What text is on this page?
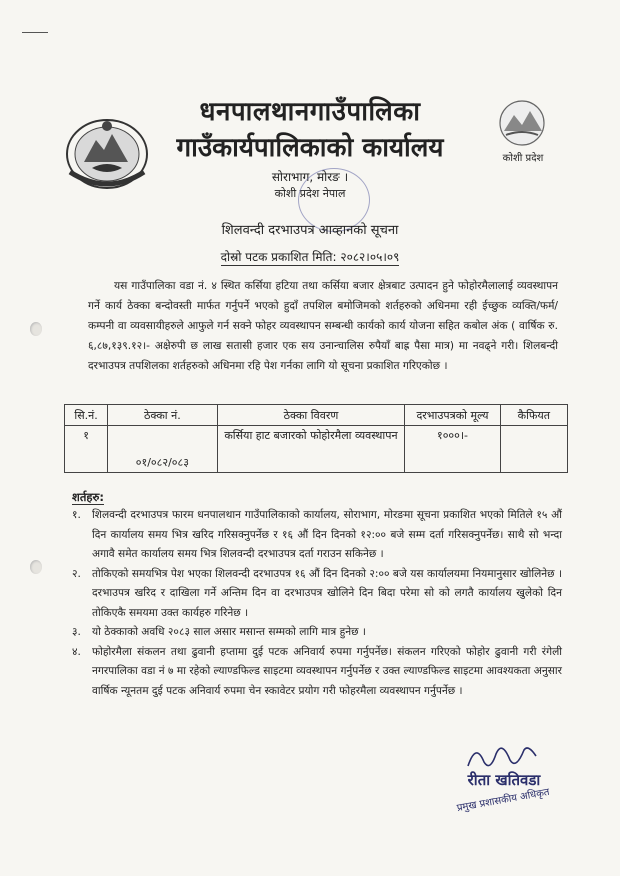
कोशी प्रदेश
धनपालथानगाउँपालिका
गाउँकार्यपालिकाको कार्यालय
सोराभाग, मोरङ ।
कोशी प्रदेश नेपाल
शिलवन्दी दरभाउपत्र आव्हानको सूचना
दोस्रो पटक प्रकाशित मिति: २०८२।०५।०९
यस गाउँपालिका वडा नं. ४ स्थित कर्सिया हटिया तथा कर्सिया बजार क्षेत्रबाट उत्पादन हुने फोहोरमैलालाई व्यवस्थापन गर्ने कार्य ठेक्का बन्दोवस्ती मार्फत गर्नुपर्ने भएको हुदाँ तपशिल बमोजिमको शर्तहरुको अधिनमा रही ईच्छुक व्यक्ति/फर्म/कम्पनी वा व्यवसायीहरुले आफुले गर्न सक्ने फोहर व्यवस्थापन सम्बन्धी कार्यको कार्य योजना सहित कबोल अंक ( वार्षिक रु. ६,८७,१३९.१२।- अक्षेरुपी छ लाख सतासी हजार एक सय उनान्चालिस रुपैयाँ बाह्र पैसा मात्र) मा नवढ्ने गरी। शिलबन्दी दरभाउपत्र तपशिलका शर्तहरुको अधिनमा रहि पेश गर्नका लागि यो सूचना प्रकाशित गरिएकोछ ।
सि.नं.	ठेक्का नं.	ठेक्का विवरण	दरभाउपत्रको मूल्य	कैफियत
१	०१/०८२/०८३	कर्सिया हाट बजारको फोहोरमैला व्यवस्थापन	१०००।-	
शर्तहरु:
१. शिलवन्दी दरभाउपत्र फारम धनपालथान गाउँपालिकाको कार्यालय, सोराभाग, मोरङमा सूचना प्रकाशित भएको मितिले १५ औं दिन कार्यालय समय भित्र खरिद गरिसक्नुपर्नेछ र १६ औं दिन दिनको १२:०० बजे सम्म दर्ता गरिसक्नुपर्नेछ। साथै सो भन्दा अगावै समेत कार्यालय समय भित्र शिलवन्दी दरभाउपत्र दर्ता गराउन सकिनेछ ।
२. तोकिएको समयभित्र पेश भएका शिलवन्दी दरभाउपत्र १६ औं दिन दिनको २:०० बजे यस कार्यालयमा नियमानुसार खोलिनेछ । दरभाउपत्र खरिद र दाखिला गर्ने अन्तिम दिन वा दरभाउपत्र खोलिने दिन बिदा परेमा सो को लगतै कार्यालय खुलेको दिन तोकिएकै समयमा उक्त कार्यहरु गरिनेछ ।
३. यो ठेक्काको अवधि २०८३ साल असार मसान्त सम्मको लागि मात्र हुनेछ ।
४. फोहोरमैला संकलन तथा ढुवानी हप्तामा दुई पटक अनिवार्य रुपमा गर्नुपर्नेछ। संकलन गरिएको फोहोर ढुवानी गरी रंगेली नगरपालिका वडा नं ७ मा रहेको ल्याण्डफिल्ड साइटमा व्यवस्थापन गर्नुपर्नेछ र उक्त ल्याण्डफिल्ड साइटमा आवश्यकता अनुसार वार्षिक न्यूनतम दुई पटक अनिवार्य रुपमा चेन स्कावेटर प्रयोग गरी फोहरमैला व्यवस्थापन गर्नुपर्नेछ ।
रीता खतिवडा
प्रमुख प्रशासकीय अधिकृत
